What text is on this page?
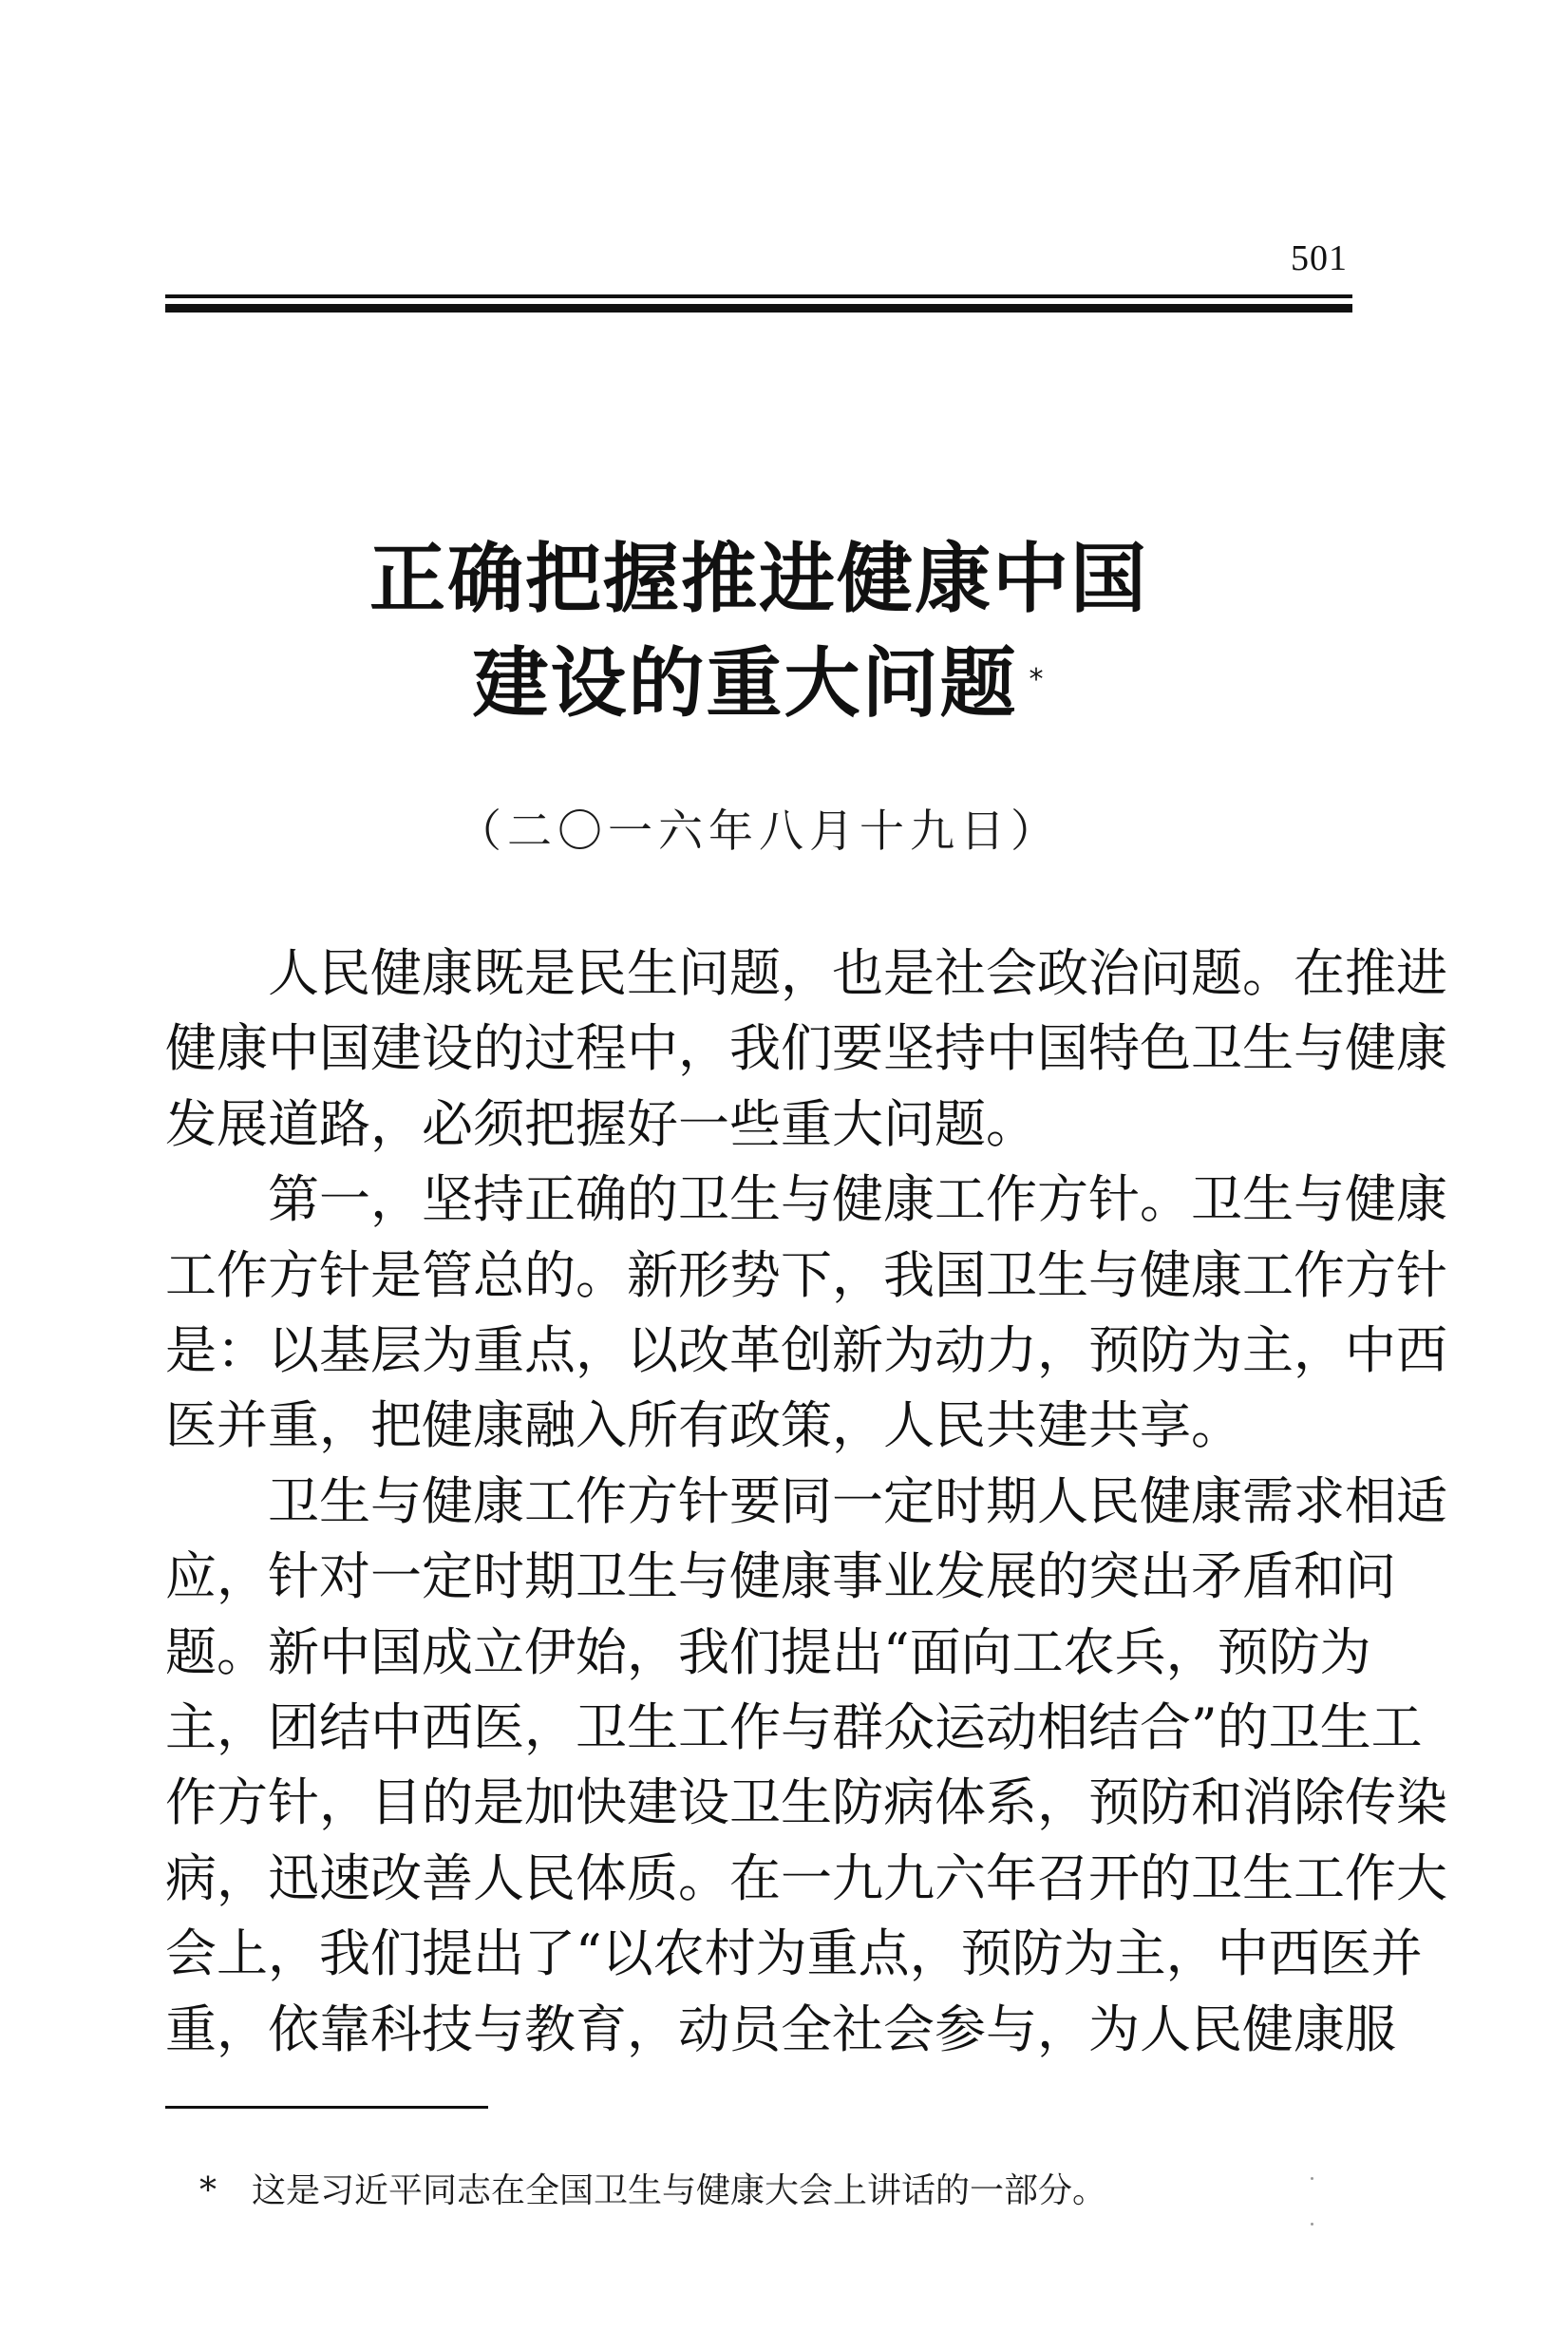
501
正确把握推进健康中国
建设的重大问题 *
（二〇一六年八月十九日）
人民健康既是民生问题，也是社会政治问题。在推进
健康中国建设的过程中，我们要坚持中国特色卫生与健康
发展道路，必须把握好一些重大问题。
第一，坚持正确的卫生与健康工作方针。卫生与健康
工作方针是管总的。新形势下，我国卫生与健康工作方针
是：以基层为重点，以改革创新为动力，预防为主，中西
医并重，把健康融入所有政策，人民共建共享。
卫生与健康工作方针要同一定时期人民健康需求相适
应，针对一定时期卫生与健康事业发展的突出矛盾和问
题。新中国成立伊始，我们提出“面向工农兵，预防为
主，团结中西医，卫生工作与群众运动相结合”的卫生工
作方针，目的是加快建设卫生防病体系，预防和消除传染
病，迅速改善人民体质。在一九九六年召开的卫生工作大
会上，我们提出了“以农村为重点，预防为主，中西医并
重，依靠科技与教育，动员全社会参与，为人民健康服
* 这是习近平同志在全国卫生与健康大会上讲话的一部分。
